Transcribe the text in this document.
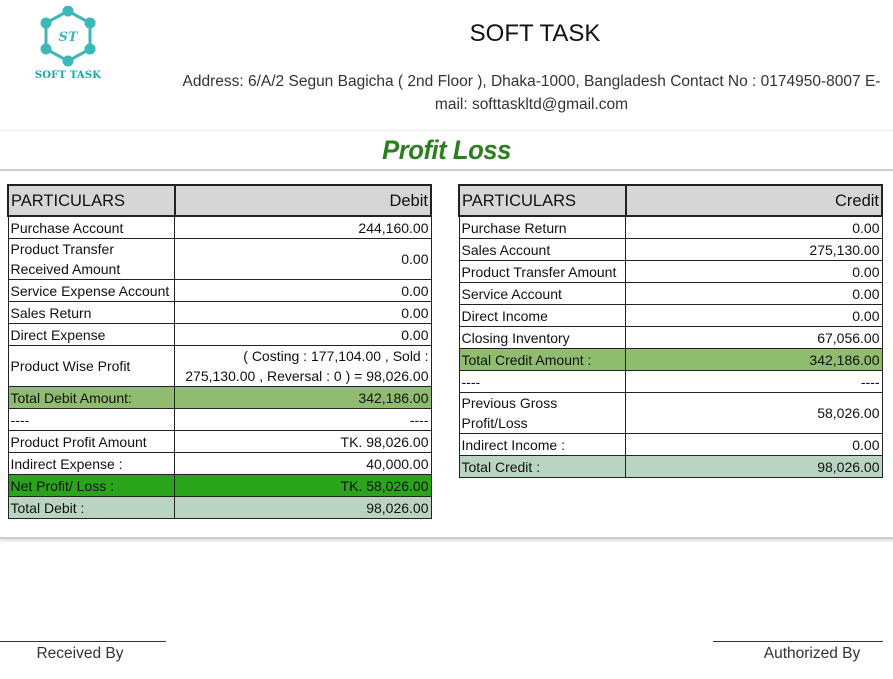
ST
SOFT TASK
SOFT TASK
Address: 6/A/2 Segun Bagicha ( 2nd Floor ), Dhaka-1000, Bangladesh Contact No : 0174950-8007 E-mail: softtaskltd@gmail.com
Profit Loss
PARTICULARS	Debit
Purchase Account	244,160.00
Product Transfer Received Amount	0.00
Service Expense Account	0.00
Sales Return	0.00
Direct Expense	0.00
Product Wise Profit	( Costing : 177,104.00 , Sold : 275,130.00 , Reversal : 0 ) = 98,026.00
Total Debit Amount:	342,186.00
----	----
Product Profit Amount	TK. 98,026.00
Indirect Expense :	40,000.00
Net Profit/ Loss :	TK. 58,026.00
Total Debit :	98,026.00
PARTICULARS	Credit
Purchase Return	0.00
Sales Account	275,130.00
Product Transfer Amount	0.00
Service Account	0.00
Direct Income	0.00
Closing Inventory	67,056.00
Total Credit Amount :	342,186.00
----	----
Previous Gross Profit/Loss	58,026.00
Indirect Income :	0.00
Total Credit :	98,026.00
Received By	Authorized By
